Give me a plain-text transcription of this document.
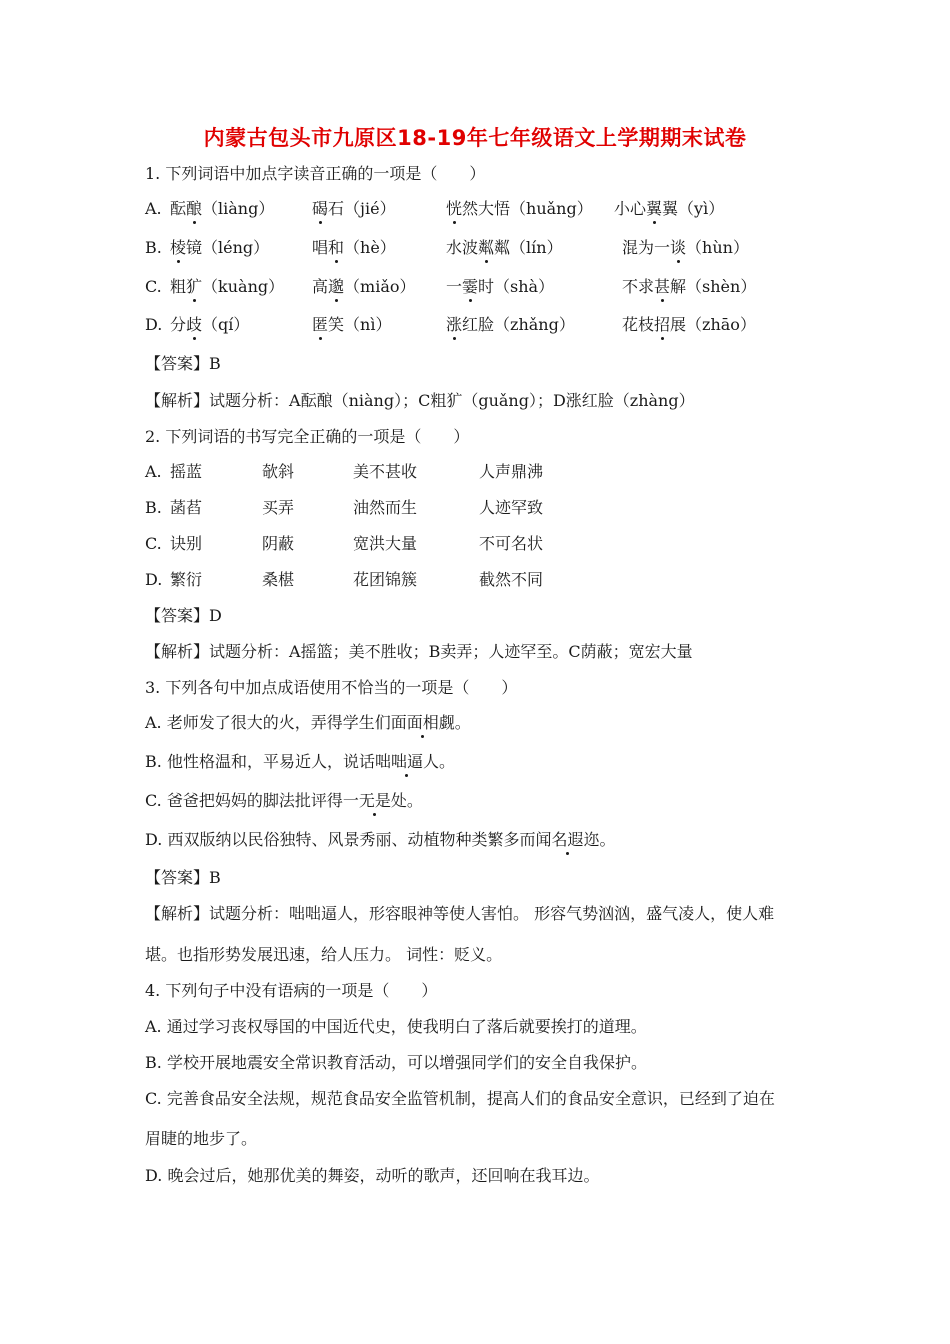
内蒙古包头市九原区18-19年七年级语文上学期期末试卷
1. 下列词语中加点字读音正确的一项是（　　）
A. 酝酿（liàng） 碣石（jié）	恍然大悟（huǎng） 小心翼翼（yì）
B. 棱镜（léng）	唱和（hè）	水波粼粼（lín）	混为一谈（hùn）
C. 粗犷（kuàng） 高邈（miǎo） 一霎时（shà）	不求甚解（shèn）
D. 分歧（qí）	匿笑（nì）	涨红脸（zhǎng）	花枝招展（zhāo）
【答案】B
【解析】试题分析：A酝酿（niàng）；C粗犷（guǎng）；D涨红脸（zhàng）
2. 下列词语的书写完全正确的一项是（　　）
A. 摇蓝	欹斜	美不甚收	人声鼎沸
B. 菡萏	买弄	油然而生	人迹罕致
C. 诀别	阴蔽	宽洪大量	不可名状
D. 繁衍	桑椹	花团锦簇	截然不同
【答案】D
【解析】试题分析：A摇篮；美不胜收；B卖弄；人迹罕至。C荫蔽；宽宏大量
3. 下列各句中加点成语使用不恰当的一项是（　　）
A. 老师发了很大的火，弄得学生们面面相觑。
B. 他性格温和，平易近人，说话咄咄逼人。
C. 爸爸把妈妈的脚法批评得一无是处。
D. 西双版纳以民俗独特、风景秀丽、动植物种类繁多而闻名遐迩。
【答案】B
【解析】试题分析：咄咄逼人，形容眼神等使人害怕。 形容气势汹汹，盛气凌人，使人难
堪。也指形势发展迅速，给人压力。 词性：贬义。
4. 下列句子中没有语病的一项是（　　）
A. 通过学习丧权辱国的中国近代史，使我明白了落后就要挨打的道理。
B. 学校开展地震安全常识教育活动，可以增强同学们的安全自我保护。
C. 完善食品安全法规，规范食品安全监管机制，提高人们的食品安全意识，已经到了迫在
眉睫的地步了。
D. 晚会过后，她那优美的舞姿，动听的歌声，还回响在我耳边。
